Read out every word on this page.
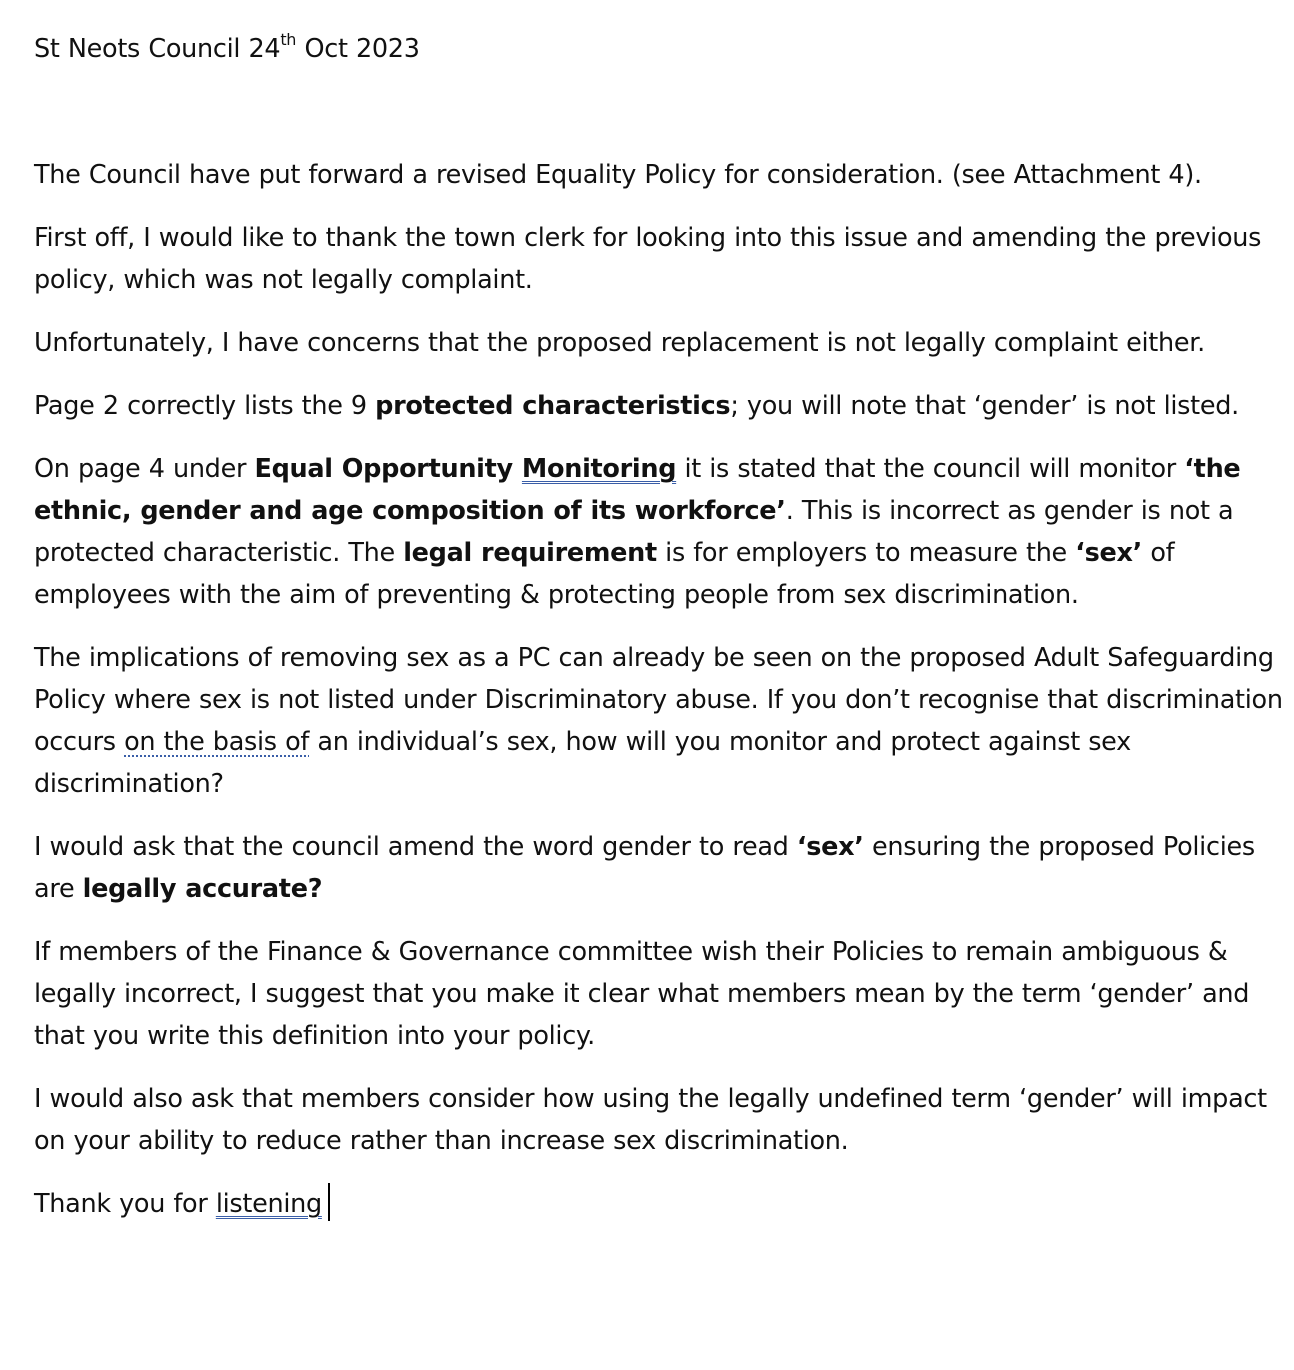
St Neots Council 24th Oct 2023

The Council have put forward a revised Equality Policy for consideration. (see Attachment 4).

First off, I would like to thank the town clerk for looking into this issue and amending the previous policy, which was not legally complaint.

Unfortunately, I have concerns that the proposed replacement is not legally complaint either.

Page 2 correctly lists the 9 protected characteristics; you will note that ‘gender’ is not listed.

On page 4 under Equal Opportunity Monitoring it is stated that the council will monitor ‘the ethnic, gender and age composition of its workforce’. This is incorrect as gender is not a protected characteristic. The legal requirement is for employers to measure the ‘sex’ of employees with the aim of preventing & protecting people from sex discrimination.

The implications of removing sex as a PC can already be seen on the proposed Adult Safeguarding Policy where sex is not listed under Discriminatory abuse. If you don’t recognise that discrimination occurs on the basis of an individual’s sex, how will you monitor and protect against sex discrimination?

I would ask that the council amend the word gender to read ‘sex’ ensuring the proposed Policies are legally accurate?

If members of the Finance & Governance committee wish their Policies to remain ambiguous & legally incorrect, I suggest that you make it clear what members mean by the term ‘gender’ and that you write this definition into your policy.

I would also ask that members consider how using the legally undefined term ‘gender’ will impact on your ability to reduce rather than increase sex discrimination.

Thank you for listening
